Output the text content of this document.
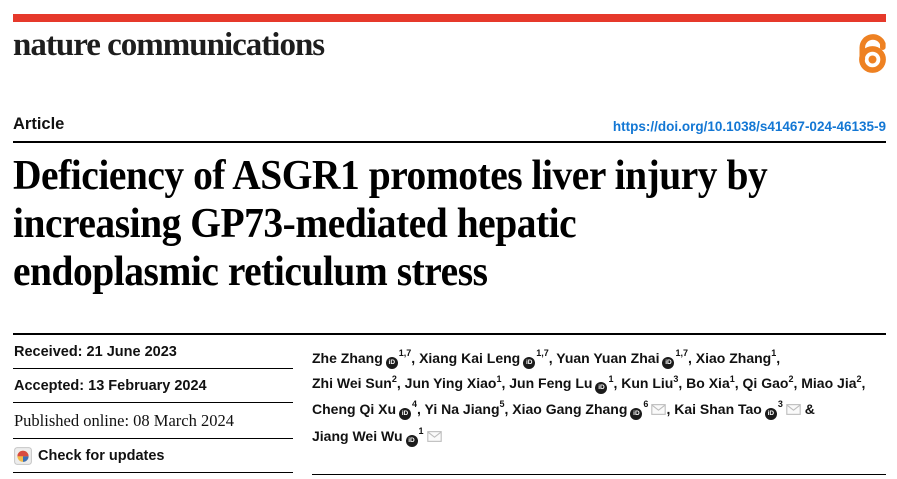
nature communications
Article	https://doi.org/10.1038/s41467-024-46135-9
Deficiency of ASGR1 promotes liver injury by
increasing GP73-mediated hepatic
endoplasmic reticulum stress
Received: 21 June 2023
Accepted: 13 February 2024
Published online: 08 March 2024
Check for updates
Zhe Zhang iD$^{1,7}$, Xiang Kai Leng iD$^{1,7}$, Yuan Yuan Zhai iD$^{1,7}$, Xiao Zhang$^1$,
Zhi Wei Sun$^2$, Jun Ying Xiao$^1$, Jun Feng Lu $iD^1$, Kun Liu$^3$, Bo Xia$^1$, Qi Gao$^2$, Miao Jia$^2$,
Cheng Qi Xu $iD^4$, Yi Na Jiang$^5$, Xiao Gang Zhang $iD^6$ , Kai Shan Tao $iD^3$ &
Jiang Wei Wu $iD^1$
